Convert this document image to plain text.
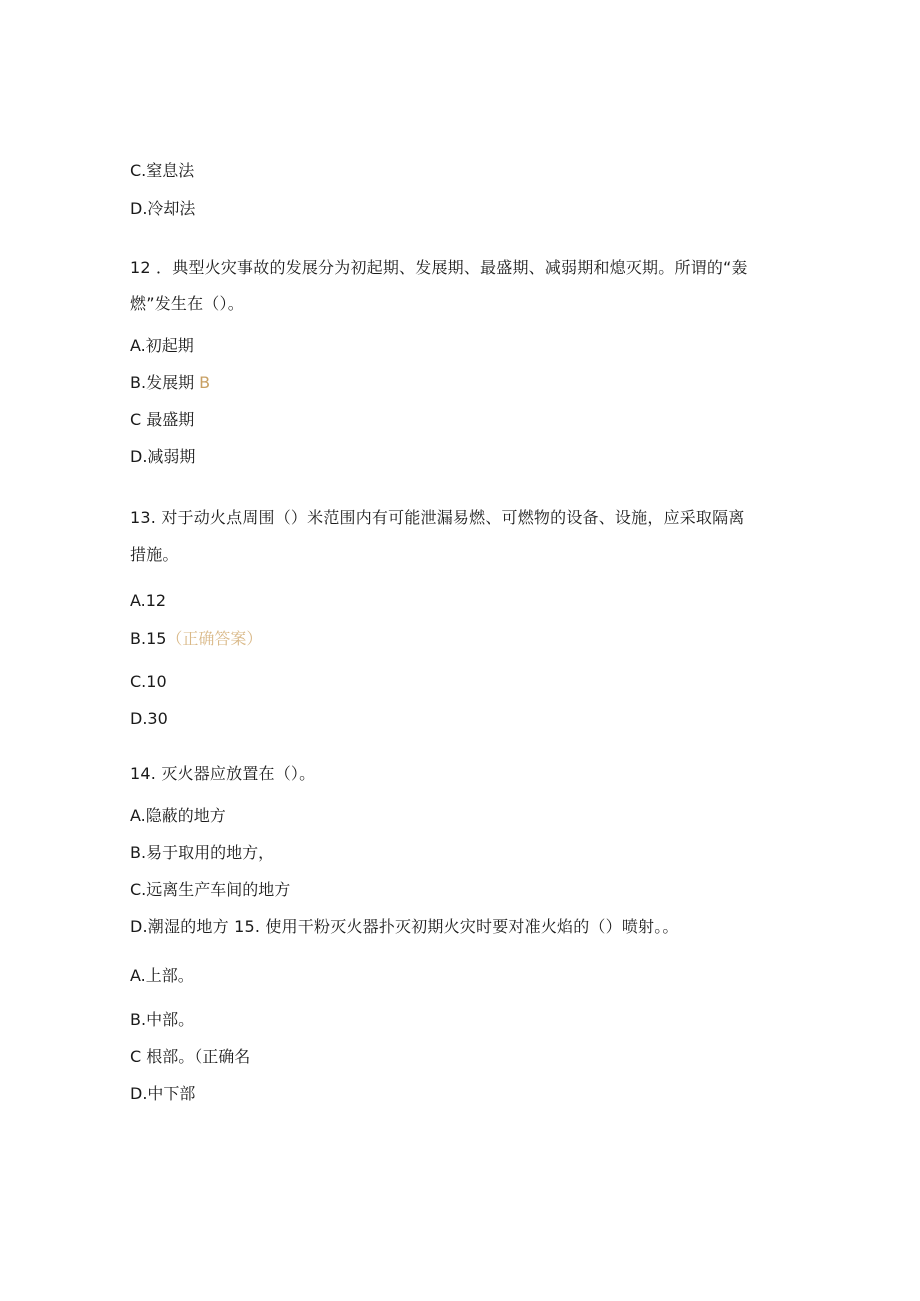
C.窒息法
D.冷却法
12 ．典型火灾事故的发展分为初起期、发展期、最盛期、减弱期和熄灭期。所谓的“轰
燃”发生在（）。
A.初起期
B.发展期 B
C 最盛期
D.减弱期
13. 对于动火点周围（）米范围内有可能泄漏易燃、可燃物的设备、设施，应采取隔离
措施。
A.12
B.15（正确答案）
C.10
D.30
14. 灭火器应放置在（）。
A.隐蔽的地方
B.易于取用的地方，
C.远离生产车间的地方
D.潮湿的地方 15. 使用干粉灭火器扑灭初期火灾时要对准火焰的（）喷射。。
A.上部。
B.中部。
C 根部。（正确名
D.中下部
